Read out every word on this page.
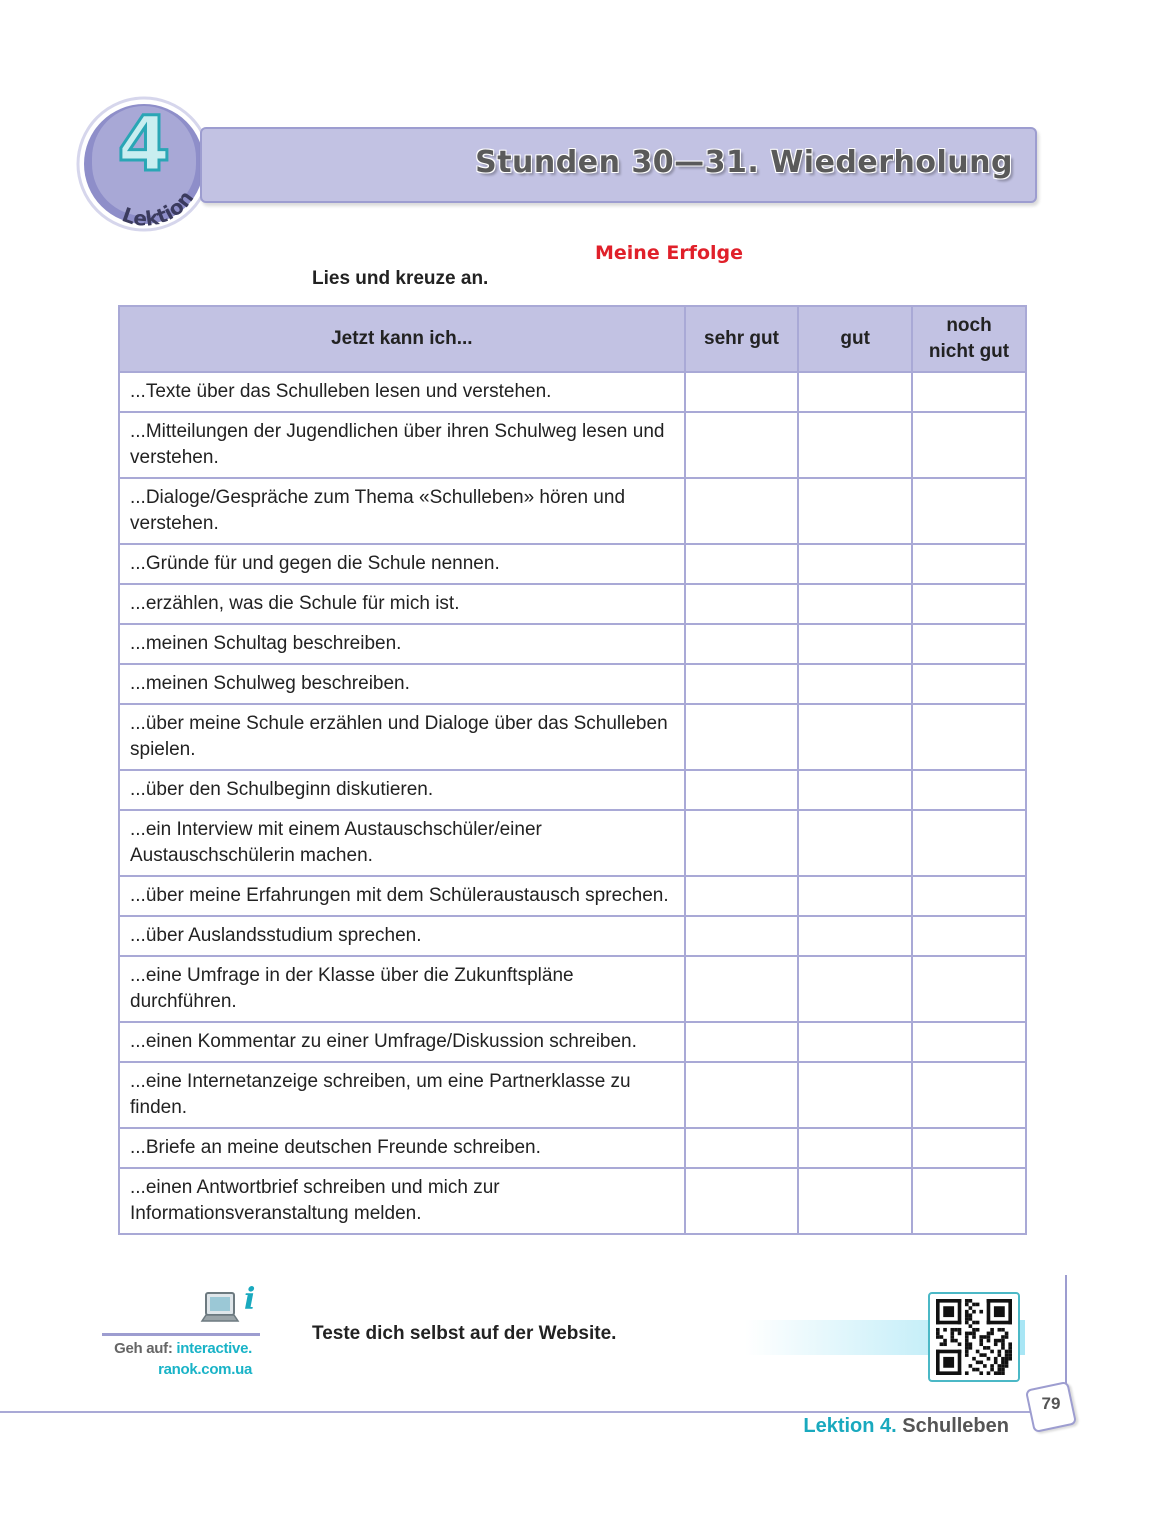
4
Lektion
Stunden 30—31. Wiederholung
Meine Erfolge
Lies und kreuze an.
Jetzt kann ich...	sehr gut	gut	noch nicht gut
...Texte über das Schulleben lesen und verstehen.			
...Mitteilungen der Jugendlichen über ihren Schulweg lesen und verstehen.			
...Dialoge/Gespräche zum Thema «Schulleben» hören und verstehen.			
...Gründe für und gegen die Schule nennen.			
...erzählen, was die Schule für mich ist.			
...meinen Schultag beschreiben.			
...meinen Schulweg beschreiben.			
...über meine Schule erzählen und Dialoge über das Schulleben spielen.			
...über den Schulbeginn diskutieren.			
...ein Interview mit einem Austauschschüler/einer Austauschschülerin machen.			
...über meine Erfahrungen mit dem Schüleraustausch sprechen.			
...über Auslandsstudium sprechen.			
...eine Umfrage in der Klasse über die Zukunftspläne durchführen.			
...einen Kommentar zu einer Umfrage/Diskussion schreiben.			
...eine Internetanzeige schreiben, um eine Partnerklasse zu finden.			
...Briefe an meine deutschen Freunde schreiben.			
...einen Antwortbrief schreiben und mich zur Informationsveranstaltung melden.			
i
Geh auf: interactive.
ranok.com.ua
Teste dich selbst auf der Website.
79
Lektion 4. Schulleben
